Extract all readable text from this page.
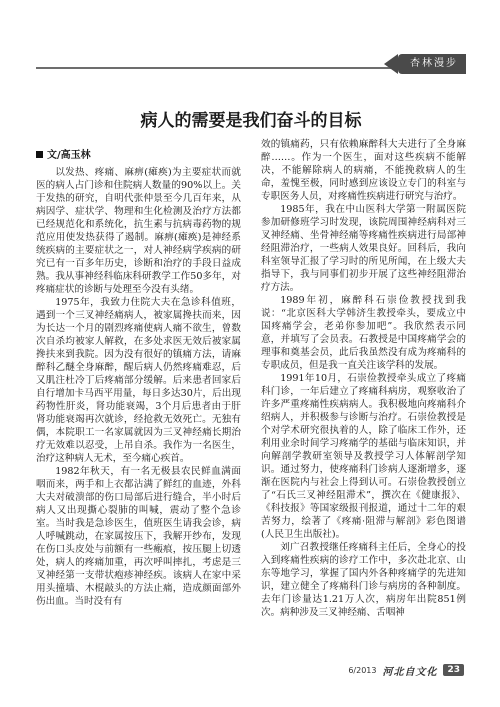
杏林漫步
病人的需要是我们奋斗的目标
文/高玉林

以发热、疼痛、麻痹(瘫痪)为主要症状而就医的病人占门诊和住院病人数量的90%以上。关于发热的研究，自明代张仲景至今几百年来，从病因学、症状学、物理和生化检测及治疗方法都已经规范化和系统化，抗生素与抗病毒药物的规范应用使发热获得了遏制。麻痹(瘫痪)是神经系统疾病的主要症状之一，对人神经病学疾病的研究已有一百多年历史，诊断和治疗的手段日益成熟。我从事神经科临床科研教学工作50多年，对疼痛症状的诊断与处理至今没有头绪。

1975年，我致力住院大夫在急诊科值班，遇到一个三叉神经痛病人，被家属搀扶而来，因为长达一个月的剧烈疼痛使病人痛不欲生，曾数次自杀均被家人解救，在多处求医无效后被家属搀扶来到我院。因为没有很好的镇痛方法，请麻醉科乙醚全身麻醉，醒后病人仍然疼痛难忍，后又肌注杜冷丁后疼痛部分缓解。后来患者回家后自行增加卡马西平用量，每日多达30片，后出现药物性肝炎，肾功能衰竭，3个月后患者由于肝肾功能衰竭再次就诊，经抢救无效死亡。无独有偶，本院职工一名家属就因为三叉神经痛长期治疗无效难以忍受，上吊自杀。我作为一名医生，治疗这种病人无术，至今痛心疾首。

1982年秋天，有一名无极县农民鲜血满面咽而来，两手和上衣都沾满了鲜红的血迹，外科大夫对破溃部的伤口局部后进行缝合，半小时后病人又出现撕心裂肺的叫喊，震动了整个急诊室。当时我是急诊医生，值班医生请我会诊，病人呼喊跳动，在家属按压下，我解开纱布，发现在伤口头皮处与前额有一些瘢痕，按压腿上切透处，病人的疼痛加重，再次呼叫摔扎，考虑是三叉神经第一支带状疱疹神经疾。该病人在家中采用头撞墙、木棍敲头的方法止痛，造成颜面部外伤出血。当时没有有

效的镇痛药，只有依赖麻醉科大夫进行了全身麻醉……。作为一个医生，面对这些疾病不能解决，不能解除病人的病痛，不能挽救病人的生命，羞愧至极，同时感到应该设立专门的科室与专职医务人员，对疼痛性疾病进行研究与治疗。

1985年，我在中山医科大学第一附属医院参加研修班学习时发现，该院周围神经病科对三叉神经痛、坐骨神经痛等疼痛性疾病进行局部神经阻滞治疗，一些病人效果良好。回科后，我向科室领导汇报了学习时的所见所闻，在上级大夫指导下，我与同事们初步开展了这些神经阻滞治疗方法。

1989年初，麻醉科石崇俭教授找到我说：“北京医科大学韩济生教授牵头，要成立中国疼痛学会，老弟你参加吧”。我欣然表示同意，并填写了会员表。石教授是中国疼痛学会的理事和奠基会员，此后我虽然没有成为疼痛科的专职成员，但是我一直关注该学科的发展。

1991年10月，石崇俭教授牵头成立了疼痛科门诊，一年后建立了疼痛科病房，观察收治了许多严重疼痛性疾病病人。我积极地向疼痛科介绍病人，并积极参与诊断与治疗。石崇俭教授是个对学术研究很执着的人，除了临床工作外，还利用业余时间学习疼痛学的基础与临床知识，并向解剖学教研室领导及教授学习人体解剖学知识。通过努力，使疼痛科门诊病人逐渐增多，逐渐在医院内与社会上得到认可。石崇俭教授创立了“石氏三叉神经阻滞术”，撰次在《健康报》、《科技报》等国家级报刊报道，通过十二年的艰苦努力，绘著了《疼痛·阻滞与解剖》彩色图谱(人民卫生出版社)。

刘广召教授继任疼痛科主任后，全身心的投入到疼痛性疾病的诊疗工作中，多次赴北京、山东等地学习，掌握了国内外各种疼痛学的先进知识，建立健全了疼痛科门诊与病房的各种制度。去年门诊量达1.21万人次，病房年出院851例次。病种涉及三叉神经痛、舌咽神

6/2013 河北自文化	23
